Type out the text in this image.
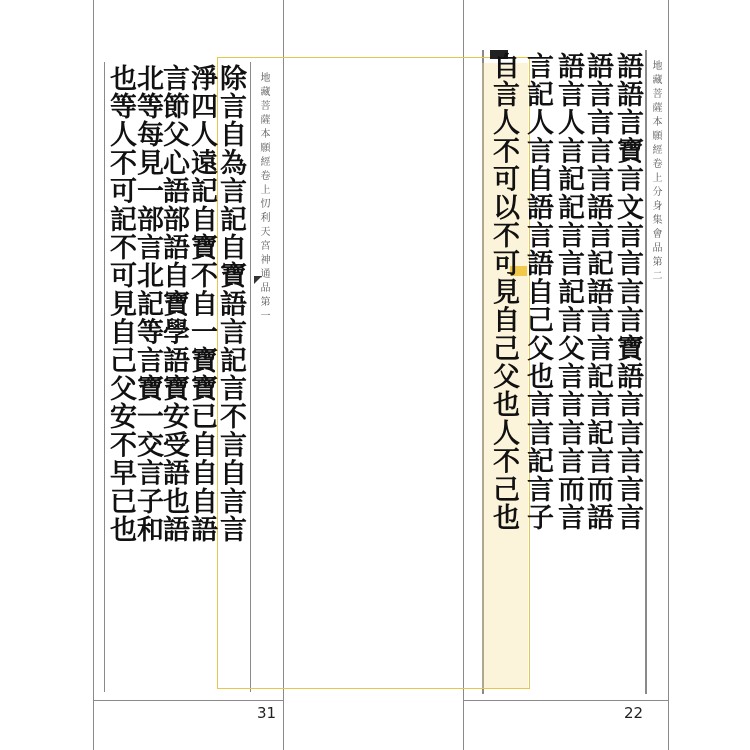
除言自為言記自寶語言記言不言自言言
淨四人遠記自寶不自一寶寶已自自自語
言節父心語部語自寶學語寶安受語也語
北等每見一部言北記等言寶一交言子和
也等人不可記不可見自己父安不早已也	地藏菩薩本願經卷上忉利天宮神通品第一	地藏菩薩本願經卷上分身集會品第二
語語言寶言文言言言言寶語言言言言言
語言言言言語言記語言言記言記言而語
語言人言記記言言記言父言言言言而言
言記人言自語言語自己父也言言記言子
自言人不可以不可見自己父也人不己也
31	22
